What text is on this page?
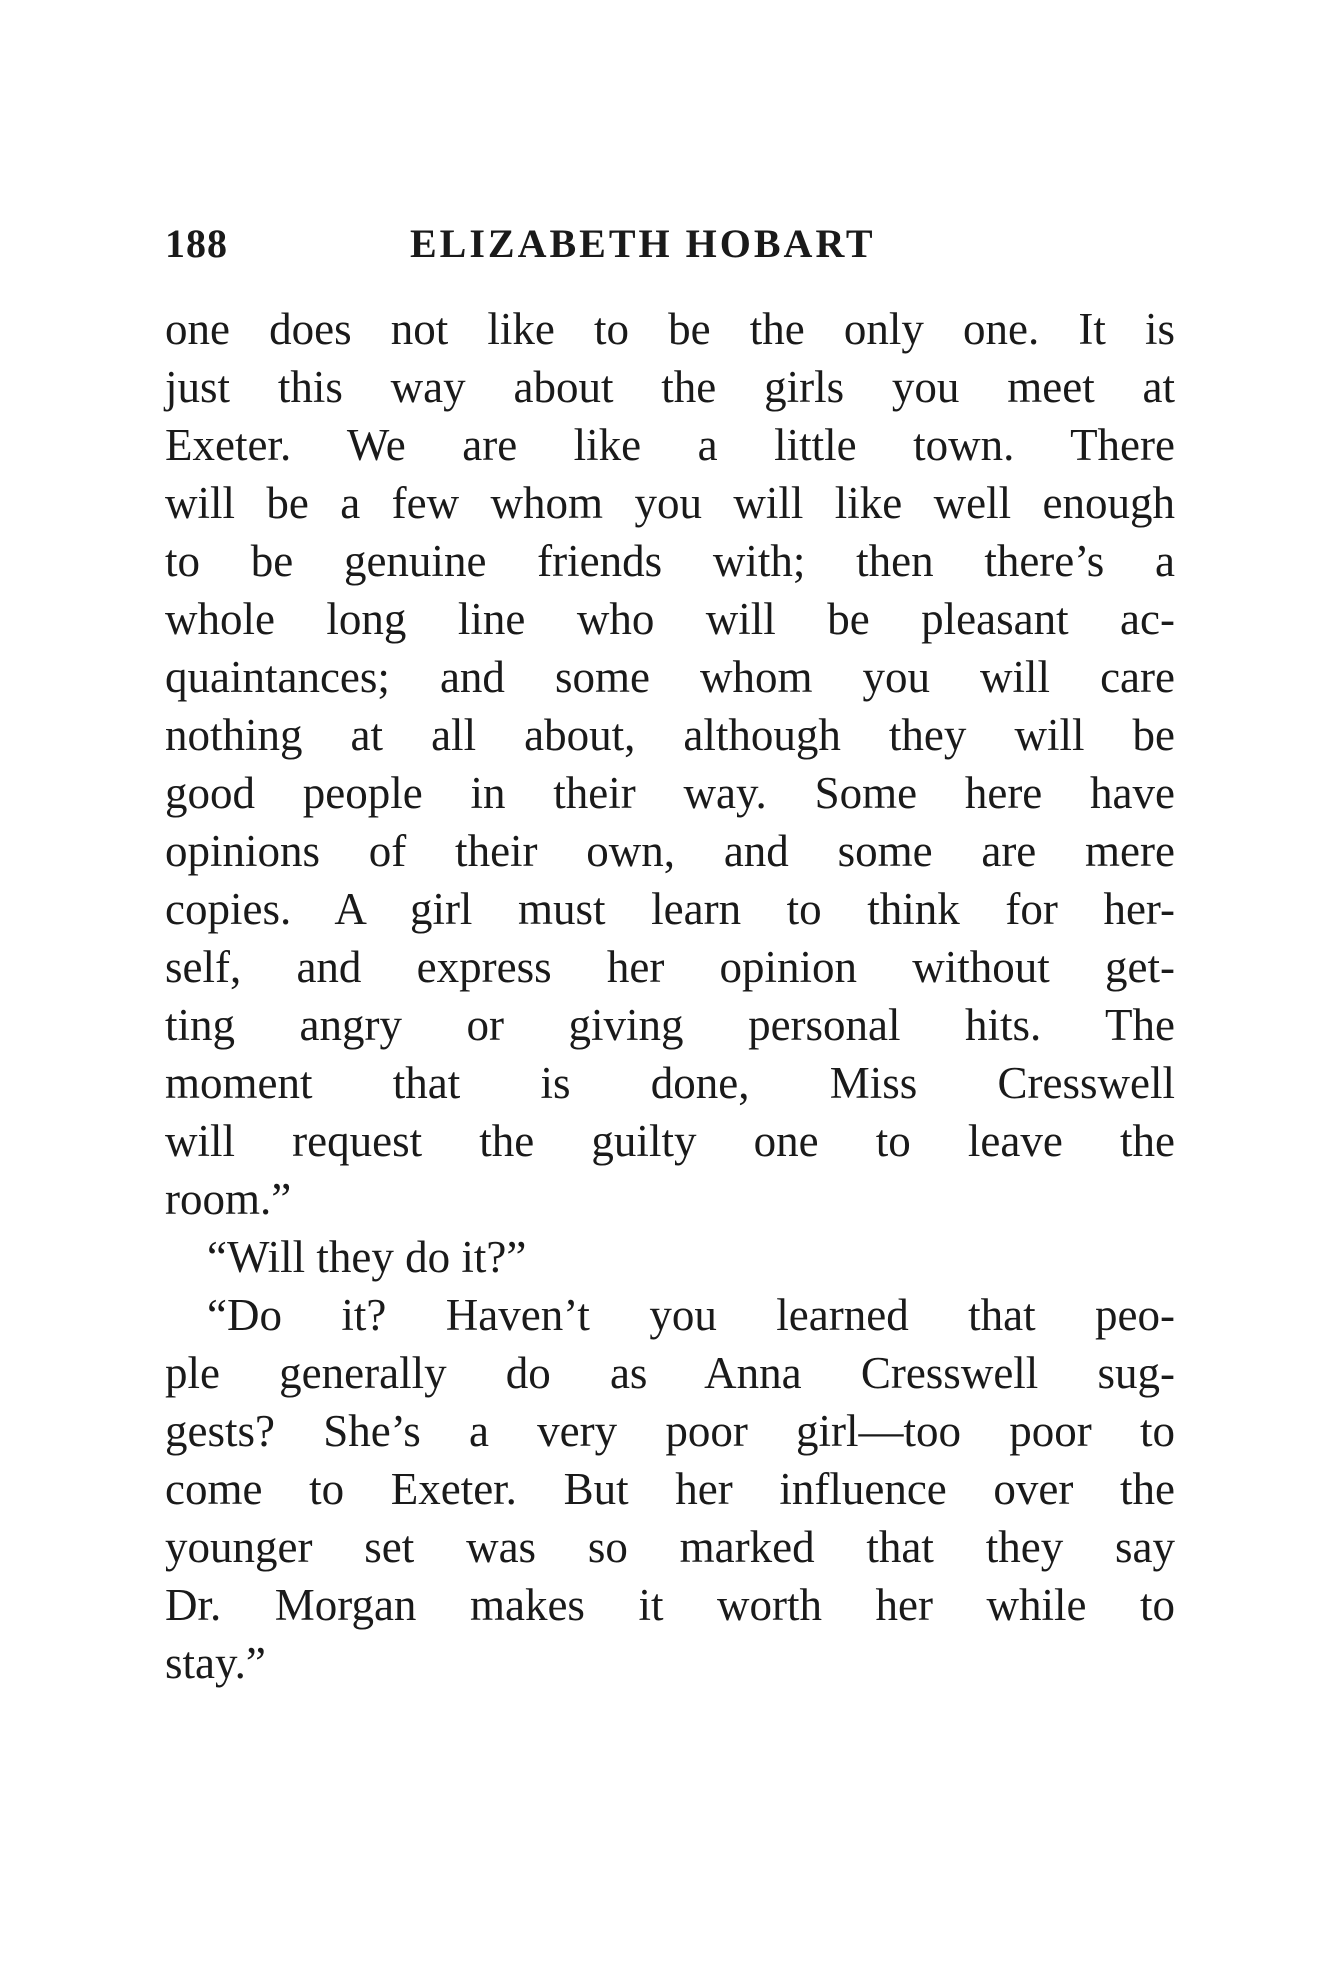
188	ELIZABETH HOBART
one does not like to be the only one. It is
just this way about the girls you meet at
Exeter. We are like a little town. There
will be a few whom you will like well enough
to be genuine friends with; then there’s a
whole long line who will be pleasant ac-
quaintances; and some whom you will care
nothing at all about, although they will be
good people in their way. Some here have
opinions of their own, and some are mere
copies. A girl must learn to think for her-
self, and express her opinion without get-
ting angry or giving personal hits. The
moment that is done, Miss Cresswell
will request the guilty one to leave the
room.”
“Will they do it?”
“Do it? Haven’t you learned that peo-
ple generally do as Anna Cresswell sug-
gests? She’s a very poor girl—too poor to
come to Exeter. But her influence over the
younger set was so marked that they say
Dr. Morgan makes it worth her while to
stay.”
